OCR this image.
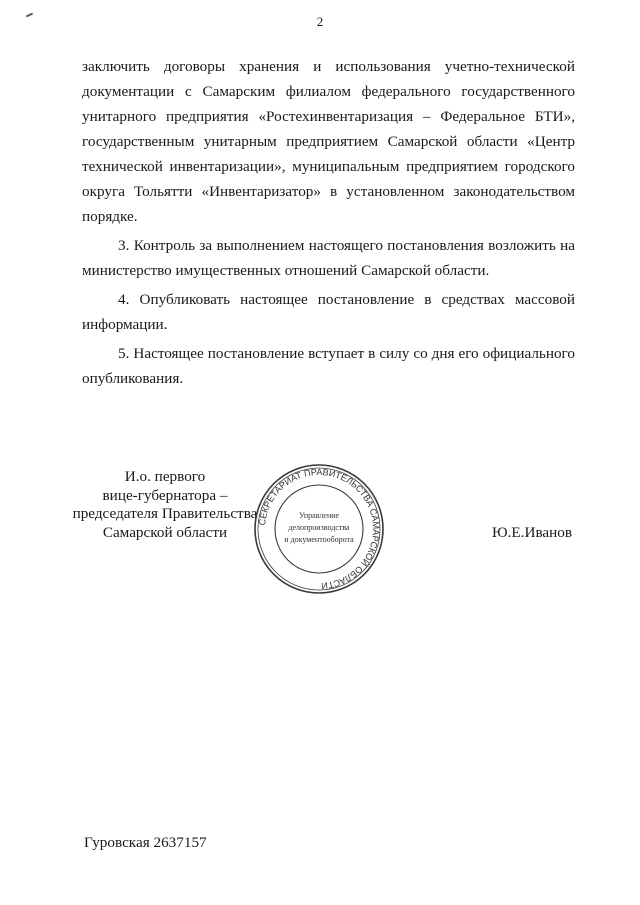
2

заключить договоры хранения и использования учетно-технической документации с Самарским филиалом федерального государственного унитарного предприятия «Ростехинвентаризация – Федеральное БТИ», государственным унитарным предприятием Самарской области «Центр технической инвентаризации», муниципальным предприятием городского округа Тольятти «Инвентаризатор» в установленном законодательством порядке.

3. Контроль за выполнением настоящего постановления возложить на министерство имущественных отношений Самарской области.

4. Опубликовать настоящее постановление в средствах массовой информации.

5. Настоящее постановление вступает в силу со дня его официального опубликования.

И.о. первого
вице-губернатора –
председателя Правительства
Самарской области
СЕКРЕТАРИАТ ПРАВИТЕЛЬСТВА САМАРСКОЙ ОБЛАСТИ
Управление
делопроизводства
и документооборота	Ю.Е.Иванов
Гуровская 2637157
